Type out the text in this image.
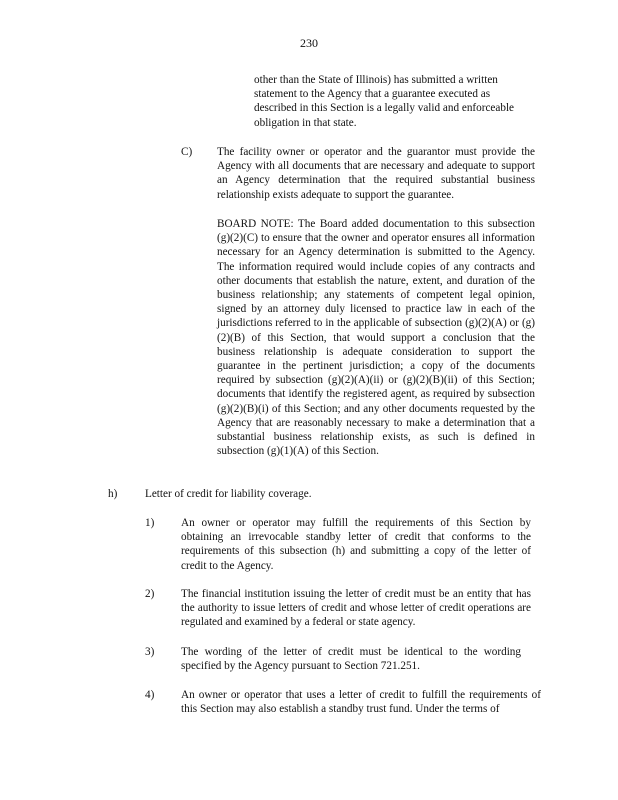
230

other than the State of Illinois) has submitted a written statement to the Agency that a guarantee executed as described in this Section is a legally valid and enforceable obligation in that state.

C) The facility owner or operator and the guarantor must provide the Agency with all documents that are necessary and adequate to support an Agency determination that the required substantial business relationship exists adequate to support the guarantee.

BOARD NOTE: The Board added documentation to this subsection (g)(2)(C) to ensure that the owner and operator ensures all information necessary for an Agency determination is submitted to the Agency. The information required would include copies of any contracts and other documents that establish the nature, extent, and duration of the business relationship; any statements of competent legal opinion, signed by an attorney duly licensed to practice law in each of the jurisdictions referred to in the applicable of subsection (g)(2)(A) or (g)(2)(B) of this Section, that would support a conclusion that the business relationship is adequate consideration to support the guarantee in the pertinent jurisdiction; a copy of the documents required by subsection (g)(2)(A)(ii) or (g)(2)(B)(ii) of this Section; documents that identify the registered agent, as required by subsection (g)(2)(B)(i) of this Section; and any other documents requested by the Agency that are reasonably necessary to make a determination that a substantial business relationship exists, as such is defined in subsection (g)(1)(A) of this Section.

h) Letter of credit for liability coverage.
1) An owner or operator may fulfill the requirements of this Section by obtaining an irrevocable standby letter of credit that conforms to the requirements of this subsection (h) and submitting a copy of the letter of credit to the Agency.

2) The financial institution issuing the letter of credit must be an entity that has the authority to issue letters of credit and whose letter of credit operations are regulated and examined by a federal or state agency.

3) The wording of the letter of credit must be identical to the wording specified by the Agency pursuant to Section 721.251.

4) An owner or operator that uses a letter of credit to fulfill the requirements of this Section may also establish a standby trust fund. Under the terms of
